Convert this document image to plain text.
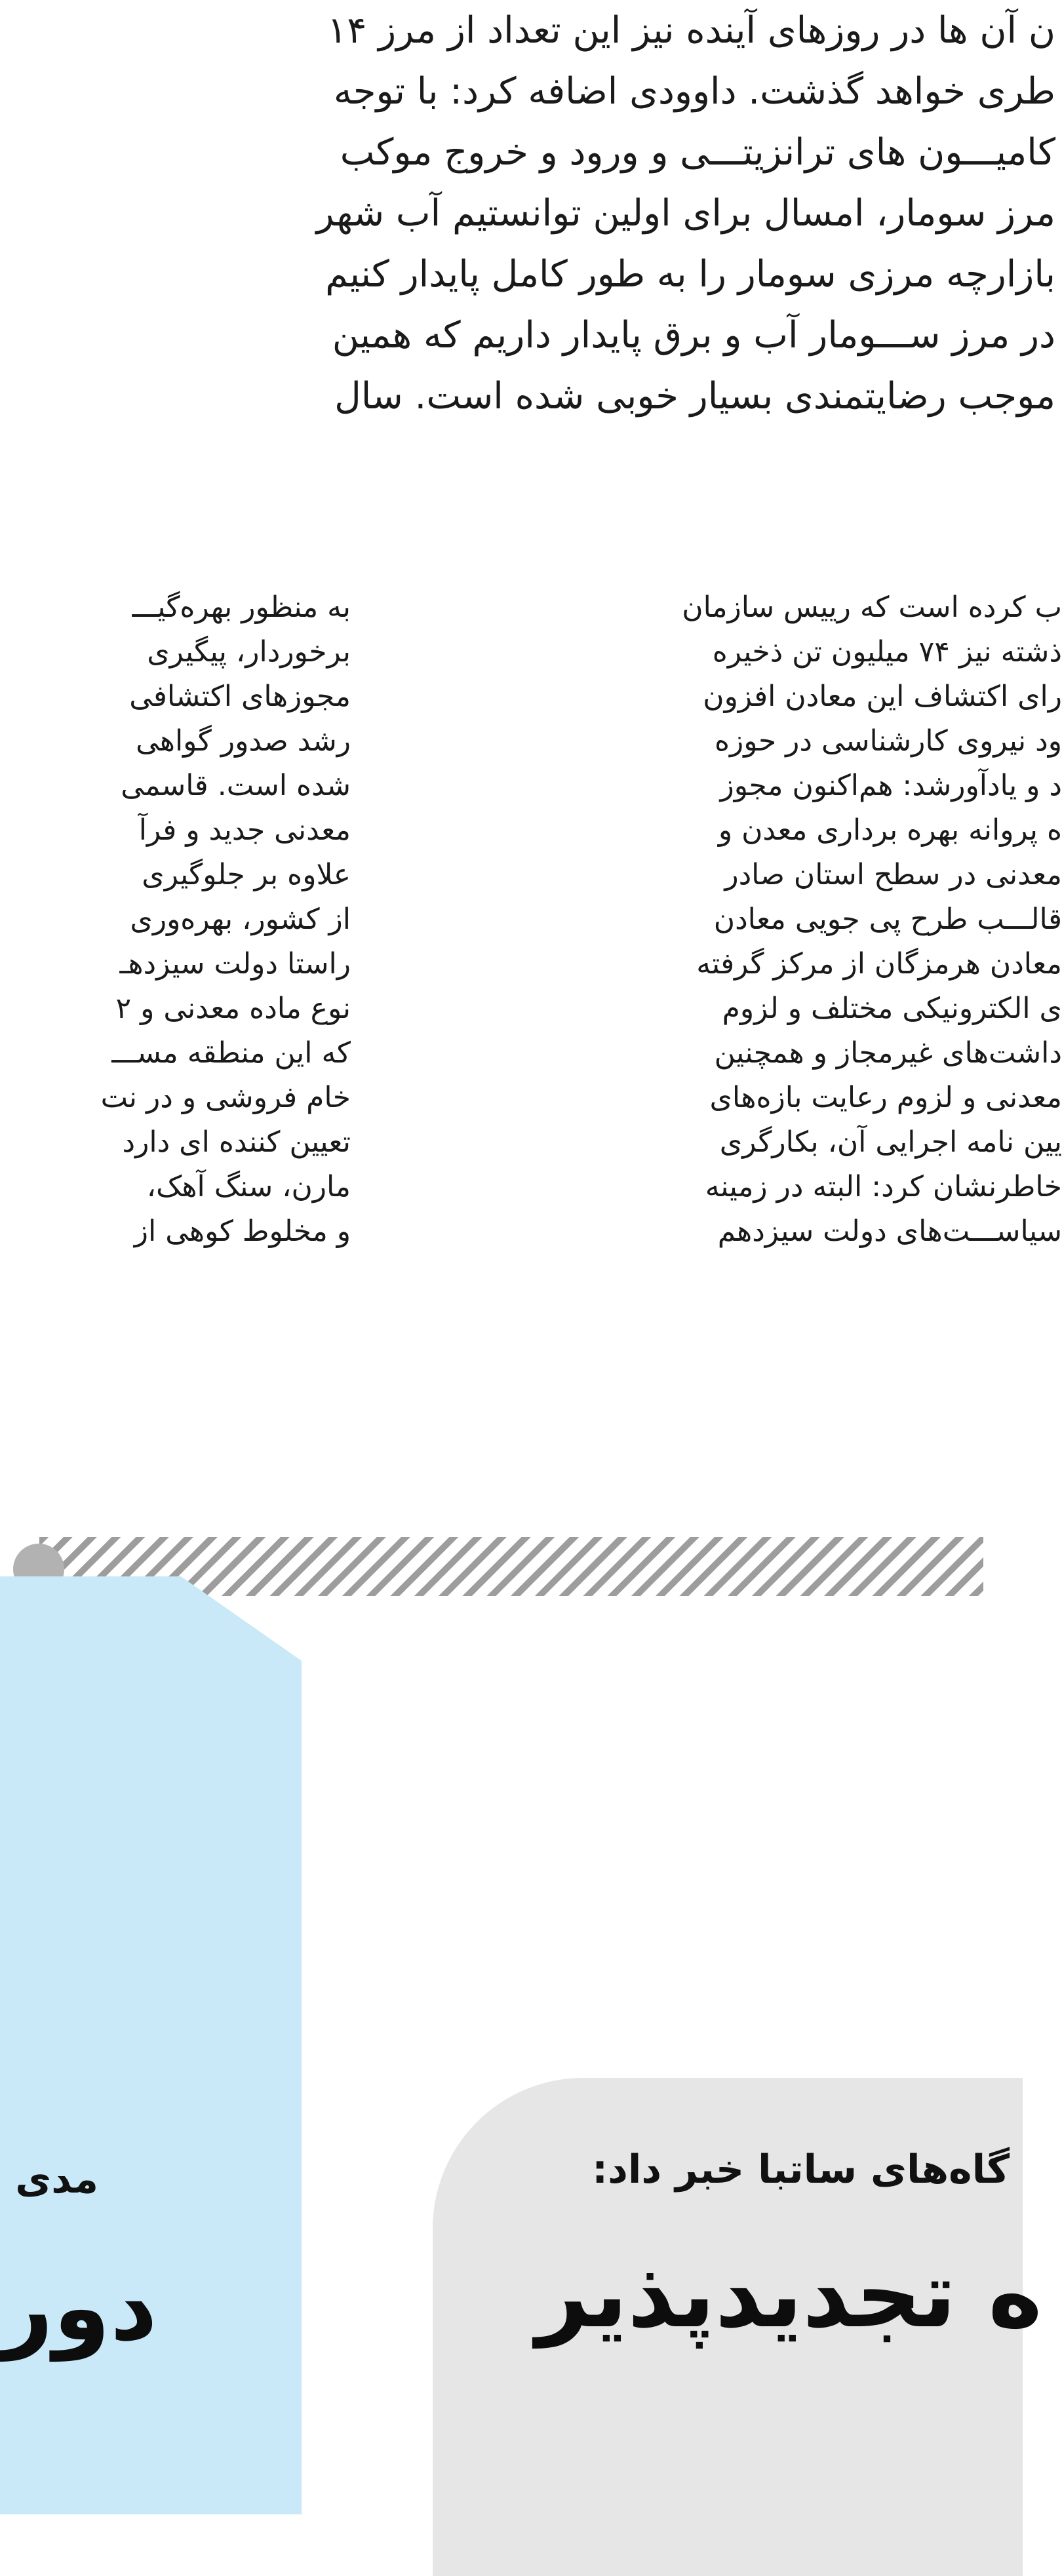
ن آن ها در روزهای آینده نیز این تعداد از مرز ۱۴
طری خواهد گذشت. داوودی اضافه کرد: با توجه
کامیـــون های ترانزیتـــی و ورود و خروج موکب
مرز سومار، امسال برای اولین توانستیم آب شهر
بازارچه مرزی سومار را به طور کامل پایدار کنیم
در مرز ســـومار آب و برق پایدار داریم که همین
موجب رضایتمندی بسیار خوبی شده است. سال
ب کرده است که رییس سازمان
ذشته نیز ۷۴ میلیون تن ذخیره
رای اکتشاف این معادن افزون
ود نیروی کارشناسی در حوزه
د و یادآورشد: هم‌اکنون مجوز
ه پروانه بهره ‌برداری معدن و
معدنی در سطح استان صادر
قالـــب طرح پی جویی معادن
معادن هرمزگان از مرکز گرفته
ی الکترونیکی مختلف و لزوم
داشت‌های غیرمجاز و همچنین
معدنی و لزوم رعایت بازه‌های
یین نامه اجرایی آن، بکارگری
خاطرنشان کرد: البته در زمینه
سیاســـت‌های دولت سیزدهم
به منظور بهره‌گیـــ
برخوردار، پیگیری
مجوزهای اکتشافی
رشد صدور گواهی
شده است. قاسمی
معدنی جدید و فرآ
علاوه بر جلوگیری
از کشور، بهره‌وری
راستا دولت سیزدهـ
نوع ماده معدنی و ۲
که این منطقه مســـ
خام فروشی و در نت
تعیین کننده ای دارد
مارن، سنگ آهک،
و مخلوط کوهی از
گاه‌های ساتبا خبر داد:
ه تجدیدپذیر
مدی
دور
